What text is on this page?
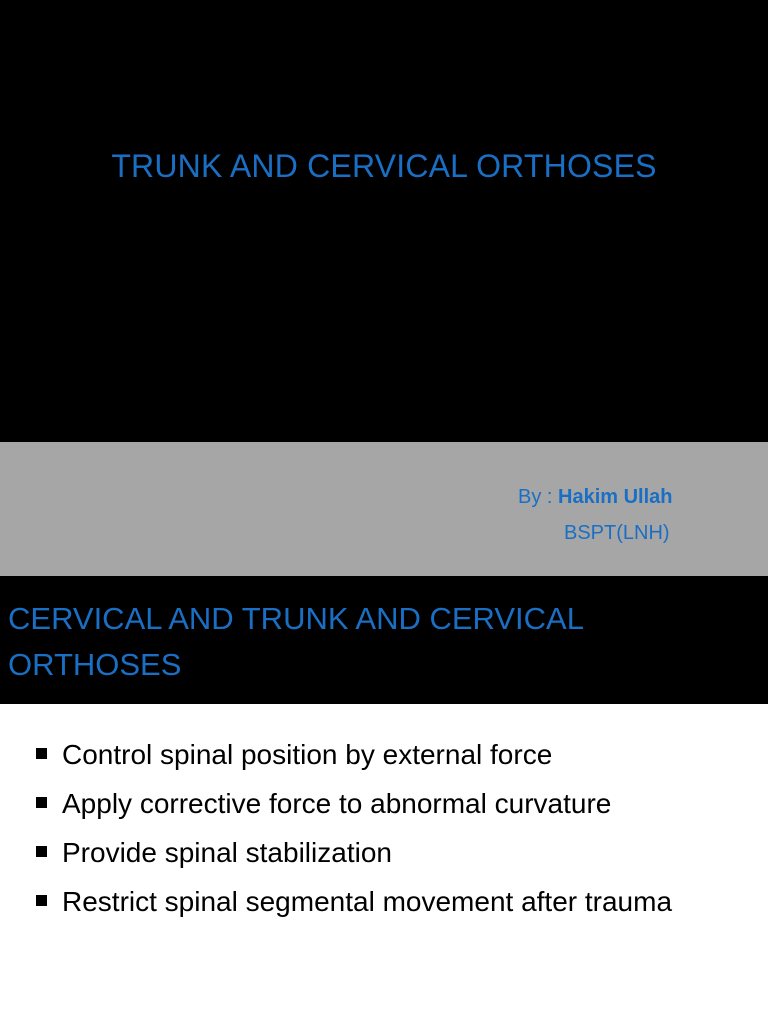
TRUNK AND CERVICAL ORTHOSES
By : Hakim Ullah
BSPT(LNH)
CERVICAL AND TRUNK AND CERVICAL ORTHOSES
Control spinal position by external force
Apply corrective force to abnormal curvature
Provide spinal stabilization
Restrict spinal segmental movement after trauma
